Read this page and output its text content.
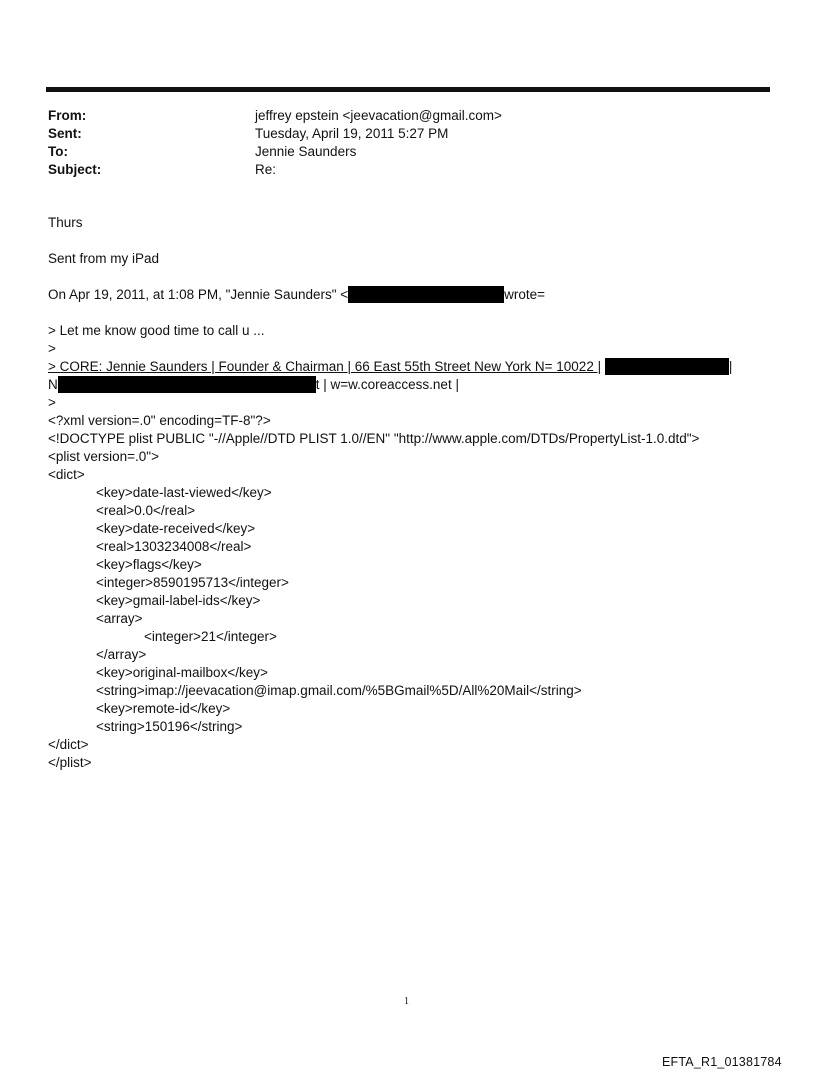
From:	jeffrey epstein <jeevacation@gmail.com>
Sent:	Tuesday, April 19, 2011 5:27 PM
To:	Jennie Saunders
Subject:	Re:

Thurs

Sent from my iPad

On Apr 19, 2011, at 1:08 PM, "Jennie Saunders" <	wrote=

> Let me know good time to call u ...

>

> CORE: Jennie Saunders | Founder & Chairman | 66 East 55th Street New York N= 10022 |	|

N	t | w=w.coreaccess.net |

>

<?xml version=.0" encoding=TF-8"?>

<!DOCTYPE plist PUBLIC "-//Apple//DTD PLIST 1.0//EN" "http://www.apple.com/DTDs/PropertyList-1.0.dtd">

<plist version=.0">

<dict>

<key>date-last-viewed</key>

<real>0.0</real>

<key>date-received</key>

<real>1303234008</real>

<key>flags</key>

<integer>8590195713</integer>

<key>gmail-label-ids</key>

<array>

<integer>21</integer>

</array>

<key>original-mailbox</key>

<string>imap://jeevacation@imap.gmail.com/%5BGmail%5D/All%20Mail</string>

<key>remote-id</key>

<string>150196</string>

</dict>

</plist>

1
EFTA_R1_01381784
